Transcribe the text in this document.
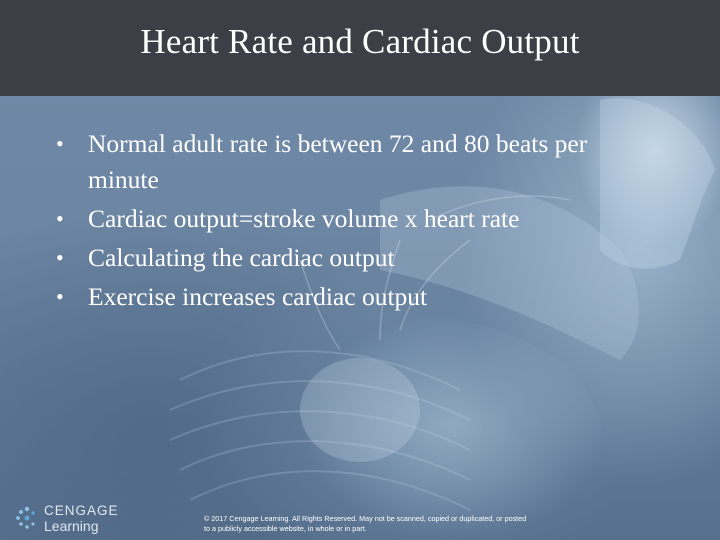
Heart Rate and Cardiac Output
• Normal adult rate is between 72 and 80 beats per minute
• Cardiac output=stroke volume x heart rate
• Calculating the cardiac output
• Exercise increases cardiac output
CENGAGE
Learning	© 2017 Cengage Learning. All Rights Reserved. May not be scanned, copied or duplicated, or posted to a publicly accessible website, in whole or in part.
